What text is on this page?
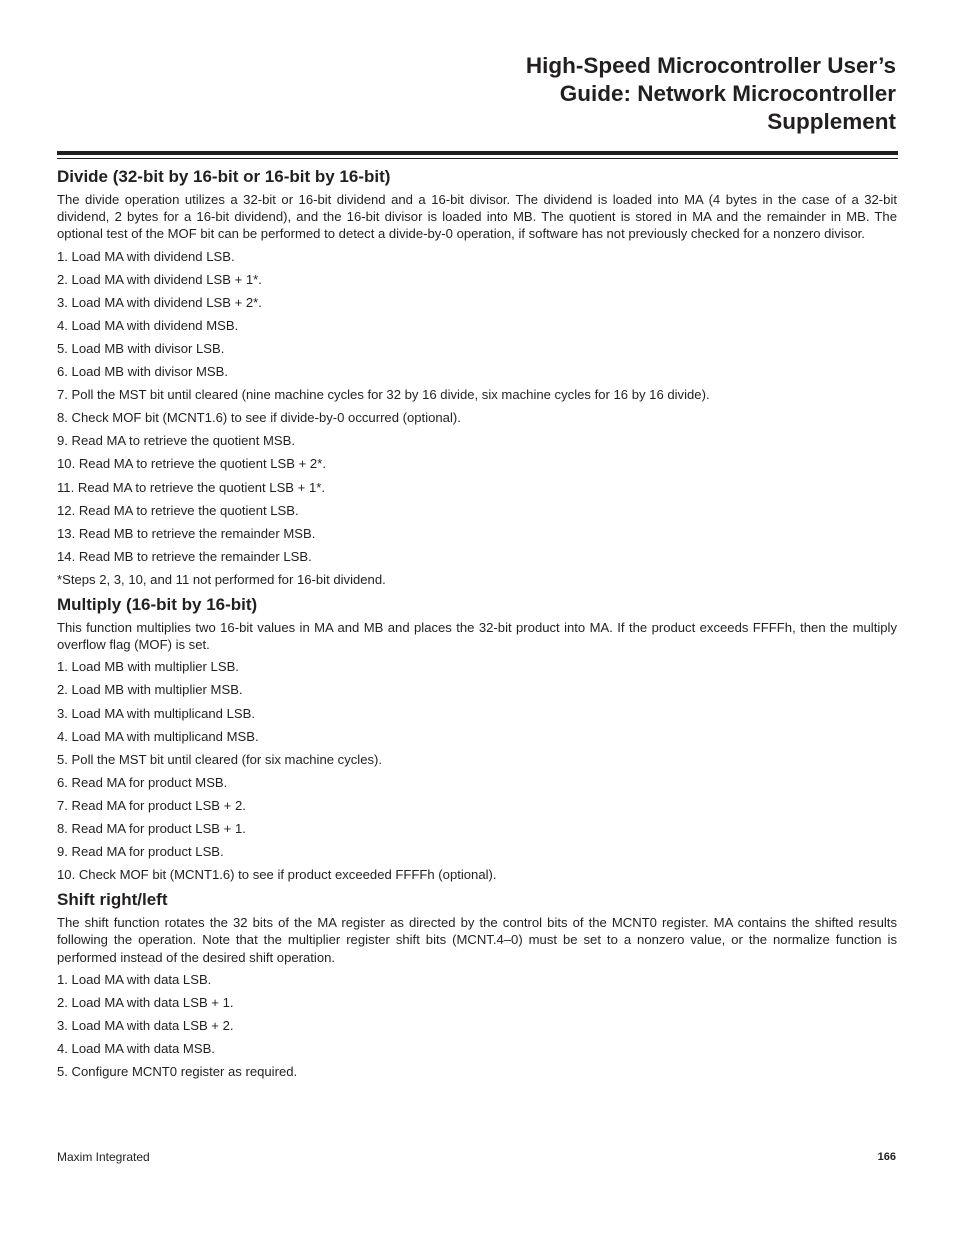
High-Speed Microcontroller User’s
Guide: Network Microcontroller
Supplement
Divide (32-bit by 16-bit or 16-bit by 16-bit)
The divide operation utilizes a 32-bit or 16-bit dividend and a 16-bit divisor. The dividend is loaded into MA (4 bytes in the case of a 32-bit dividend, 2 bytes for a 16-bit dividend), and the 16-bit divisor is loaded into MB. The quotient is stored in MA and the remainder in MB. The optional test of the MOF bit can be performed to detect a divide-by-0 operation, if software has not previously checked for a nonzero divisor.
1. Load MA with dividend LSB.
2. Load MA with dividend LSB + 1*.
3. Load MA with dividend LSB + 2*.
4. Load MA with dividend MSB.
5. Load MB with divisor LSB.
6. Load MB with divisor MSB.
7. Poll the MST bit until cleared (nine machine cycles for 32 by 16 divide, six machine cycles for 16 by 16 divide).
8. Check MOF bit (MCNT1.6) to see if divide-by-0 occurred (optional).
9. Read MA to retrieve the quotient MSB.
10. Read MA to retrieve the quotient LSB + 2*.
11. Read MA to retrieve the quotient LSB + 1*.
12. Read MA to retrieve the quotient LSB.
13. Read MB to retrieve the remainder MSB.
14. Read MB to retrieve the remainder LSB.
*Steps 2, 3, 10, and 11 not performed for 16-bit dividend.
Multiply (16-bit by 16-bit)
This function multiplies two 16-bit values in MA and MB and places the 32-bit product into MA. If the product exceeds FFFFh, then the multiply overflow flag (MOF) is set.
1. Load MB with multiplier LSB.
2. Load MB with multiplier MSB.
3. Load MA with multiplicand LSB.
4. Load MA with multiplicand MSB.
5. Poll the MST bit until cleared (for six machine cycles).
6. Read MA for product MSB.
7. Read MA for product LSB + 2.
8. Read MA for product LSB + 1.
9. Read MA for product LSB.
10. Check MOF bit (MCNT1.6) to see if product exceeded FFFFh (optional).
Shift right/left
The shift function rotates the 32 bits of the MA register as directed by the control bits of the MCNT0 register. MA contains the shifted results following the operation. Note that the multiplier register shift bits (MCNT.4–0) must be set to a nonzero value, or the normalize function is performed instead of the desired shift operation.
1. Load MA with data LSB.
2. Load MA with data LSB + 1.
3. Load MA with data LSB + 2.
4. Load MA with data MSB.
5. Configure MCNT0 register as required.
Maxim Integrated	166
